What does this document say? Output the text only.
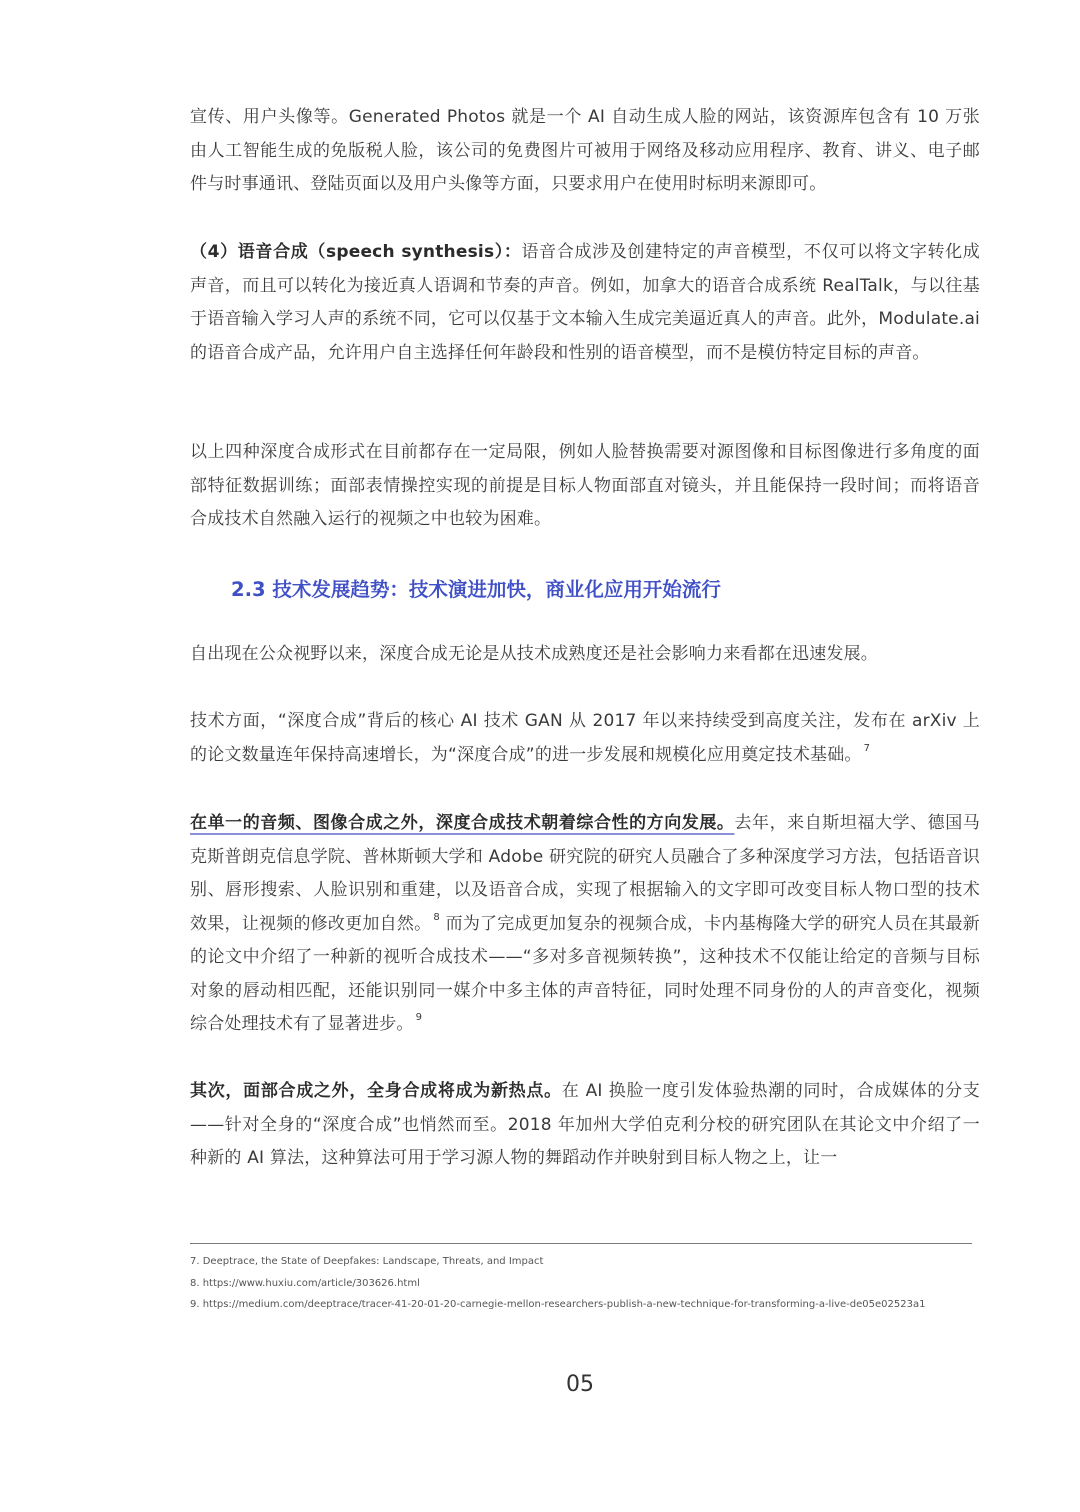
宣传、用户头像等。Generated Photos 就是一个 AI 自动生成人脸的网站，该资源库包含有 10 万张由人工智能生成的免版税人脸，该公司的免费图片可被用于网络及移动应用程序、教育、讲义、电子邮件与时事通讯、登陆页面以及用户头像等方面，只要求用户在使用时标明来源即可。

（4）语音合成（speech synthesis）：语音合成涉及创建特定的声音模型，不仅可以将文字转化成声音，而且可以转化为接近真人语调和节奏的声音。例如，加拿大的语音合成系统 RealTalk，与以往基于语音输入学习人声的系统不同，它可以仅基于文本输入生成完美逼近真人的声音。此外，Modulate.ai 的语音合成产品，允许用户自主选择任何年龄段和性别的语音模型，而不是模仿特定目标的声音。

以上四种深度合成形式在目前都存在一定局限，例如人脸替换需要对源图像和目标图像进行多角度的面部特征数据训练；面部表情操控实现的前提是目标人物面部直对镜头，并且能保持一段时间；而将语音合成技术自然融入运行的视频之中也较为困难。

2.3 技术发展趋势：技术演进加快，商业化应用开始流行

自出现在公众视野以来，深度合成无论是从技术成熟度还是社会影响力来看都在迅速发展。

技术方面，“深度合成”背后的核心 AI 技术 GAN 从 2017 年以来持续受到高度关注，发布在 arXiv 上的论文数量连年保持高速增长，为“深度合成”的进一步发展和规模化应用奠定技术基础。 $^7$

在单一的音频、图像合成之外，深度合成技术朝着综合性的方向发展。去年，来自斯坦福大学、德国马克斯普朗克信息学院、普林斯顿大学和 Adobe 研究院的研究人员融合了多种深度学习方法，包括语音识别、唇形搜索、人脸识别和重建，以及语音合成，实现了根据输入的文字即可改变目标人物口型的技术效果，让视频的修改更加自然。 $^8$ 而为了完成更加复杂的视频合成，卡内基梅隆大学的研究人员在其最新的论文中介绍了一种新的视听合成技术——“多对多音视频转换”，这种技术不仅能让给定的音频与目标对象的唇动相匹配，还能识别同一媒介中多主体的声音特征，同时处理不同身份的人的声音变化，视频综合处理技术有了显著进步。 $^9$

其次，面部合成之外，全身合成将成为新热点。在 AI 换脸一度引发体验热潮的同时，合成媒体的分支——针对全身的“深度合成”也悄然而至。2018 年加州大学伯克利分校的研究团队在其论文中介绍了一种新的 AI 算法，这种算法可用于学习源人物的舞蹈动作并映射到目标人物之上，让一

7. Deeptrace, the State of Deepfakes: Landscape, Threats, and Impact
8. https://www.huxiu.com/article/303626.html
9. https://medium.com/deeptrace/tracer-41-20-01-20-carnegie-mellon-researchers-publish-a-new-technique-for-transforming-a-live-de05e02523a1
05
